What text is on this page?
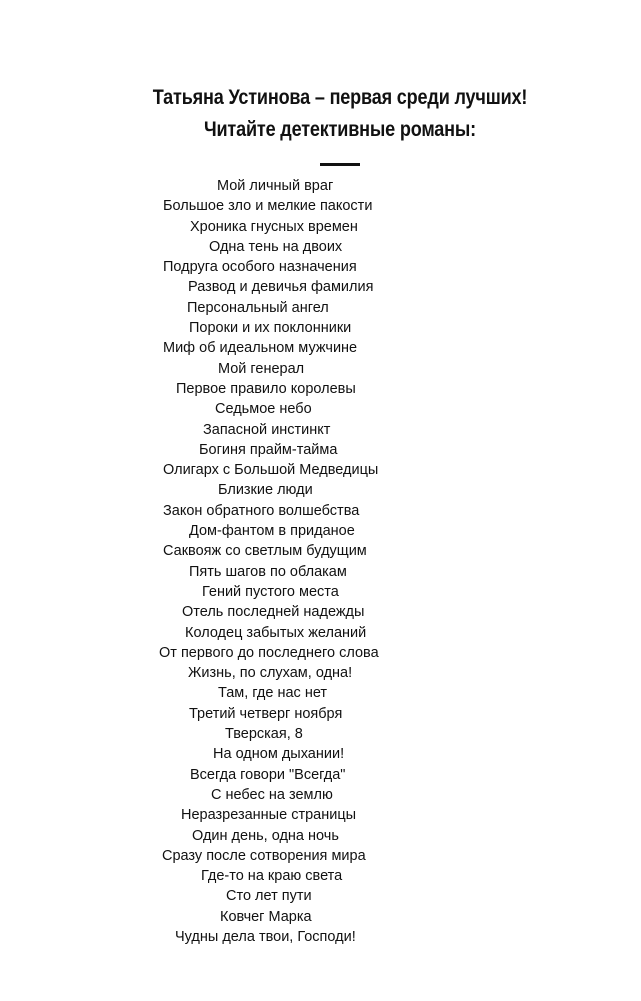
Татьяна Устинова – первая среди лучших!
Читайте детективные романы:
Мой личный враг
Большое зло и мелкие пакости
Хроника гнусных времен
Одна тень на двоих
Подруга особого назначения
Развод и девичья фамилия
Персональный ангел
Пороки и их поклонники
Миф об идеальном мужчине
Мой генерал
Первое правило королевы
Седьмое небо
Запасной инстинкт
Богиня прайм-тайма
Олигарх с Большой Медведицы
Близкие люди
Закон обратного волшебства
Дом-фантом в приданое
Саквояж со светлым будущим
Пять шагов по облакам
Гений пустого места
Отель последней надежды
Колодец забытых желаний
От первого до последнего слова
Жизнь, по слухам, одна!
Там, где нас нет
Третий четверг ноября
Тверская, 8
На одном дыхании!
Всегда говори "Всегда"
С небес на землю
Неразрезанные страницы
Один день, одна ночь
Сразу после сотворения мира
Где-то на краю света
Сто лет пути
Ковчег Марка
Чудны дела твои, Господи!
